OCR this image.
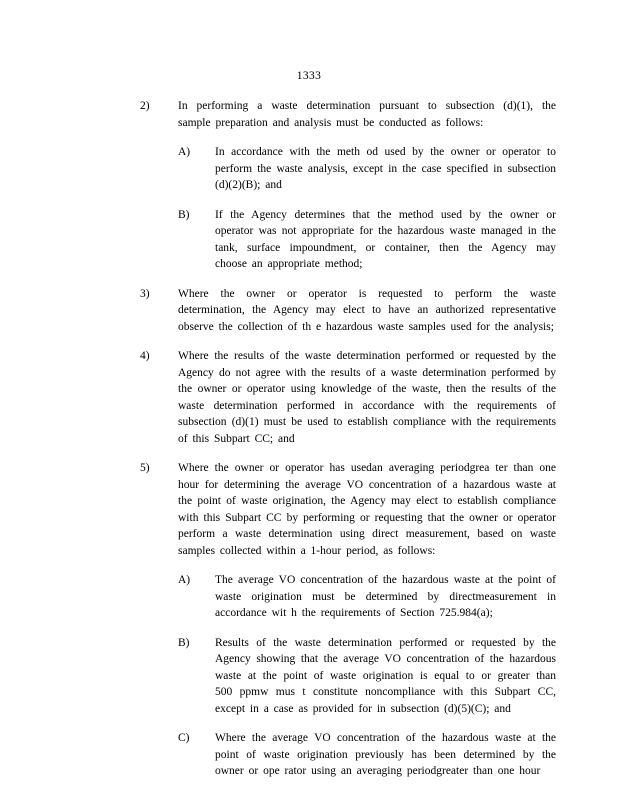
1333
2)	In performing a waste determination pursuant to subsection (d)(1), the sample preparation and analysis must be conducted as follows:
A)	In accordance with the meth od used by the owner or operator to perform the waste analysis, except in the case specified in subsection (d)(2)(B); and
B)	If the Agency determines that the method used by the owner or operator was not appropriate for the hazardous waste managed in the tank, surface impoundment, or container, then the Agency may choose an appropriate method;
3)	Where the owner or operator is requested to perform the waste determination, the Agency may elect to have an authorized representative observe the collection of th e hazardous waste samples used for the analysis;
4)	Where the results of the waste determination performed or requested by the Agency do not agree with the results of a waste determination performed by the owner or operator using knowledge of the waste, then the results of the waste determination performed in accordance with the requirements of subsection (d)(1) must be used to establish compliance with the requirements of this Subpart CC; and
5)	Where the owner or operator has usedan averaging periodgrea ter than one hour for determining the average VO concentration of a hazardous waste at the point of waste origination, the Agency may elect to establish compliance with this Subpart CC by performing or requesting that the owner or operator perform a waste determination using direct measurement, based on waste samples collected within a 1-hour period, as follows:
A)	The average VO concentration of the hazardous waste at the point of waste origination must be determined by directmeasurement in accordance wit h the requirements of Section 725.984(a);
B)	Results of the waste determination performed or requested by the Agency showing that the average VO concentration of the hazardous waste at the point of waste origination is equal to or greater than 500 ppmw mus t constitute noncompliance with this Subpart CC, except in a case as provided for in subsection (d)(5)(C); and
C)	Where the average VO concentration of the hazardous waste at the point of waste origination previously has been determined by the owner or ope rator using an averaging periodgreater than one hour
